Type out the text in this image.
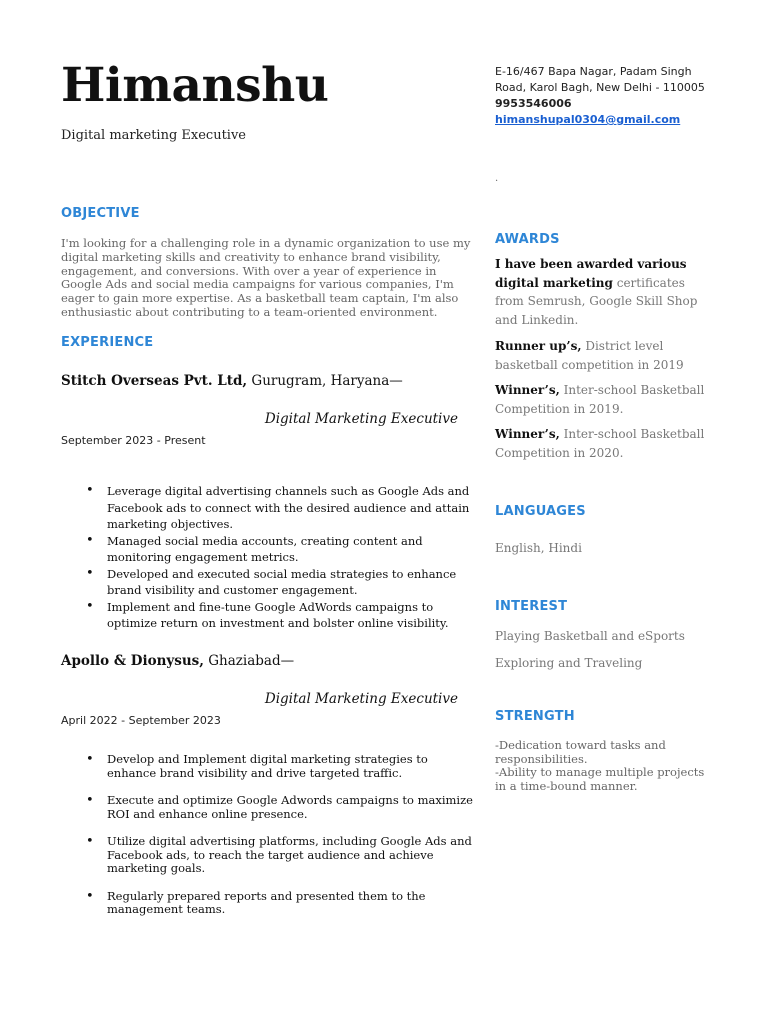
Himanshu
Digital marketing Executive
E-16/467 Bapa Nagar, Padam Singh
Road, Karol Bagh, New Delhi - 110005
9953546006
himanshupal0304@gmail.com
.
OBJECTIVE
I'm looking for a challenging role in a dynamic organization to use my digital marketing skills and creativity to enhance brand visibility, engagement, and conversions. With over a year of experience in Google Ads and social media campaigns for various companies, I'm eager to gain more expertise. As a basketball team captain, I'm also enthusiastic about contributing to a team-oriented environment.
EXPERIENCE
Stitch Overseas Pvt. Ltd, Gurugram, Haryana—
Digital Marketing Executive
September 2023 - Present
• Leverage digital advertising channels such as Google Ads and Facebook ads to connect with the desired audience and attain marketing objectives.
• Managed social media accounts, creating content and monitoring engagement metrics.
• Developed and executed social media strategies to enhance brand visibility and customer engagement.
• Implement and fine-tune Google AdWords campaigns to optimize return on investment and bolster online visibility.
Apollo & Dionysus, Ghaziabad—
Digital Marketing Executive
April 2022 - September 2023
• Develop and Implement digital marketing strategies to enhance brand visibility and drive targeted traffic.
• Execute and optimize Google Adwords campaigns to maximize ROI and enhance online presence.
• Utilize digital advertising platforms, including Google Ads and Facebook ads, to reach the target audience and achieve marketing goals.
• Regularly prepared reports and presented them to the management teams.
AWARDS
I have been awarded various digital marketing certificates from Semrush, Google Skill Shop and Linkedin.
Runner up’s, District level basketball competition in 2019
Winner’s, Inter-school Basketball Competition in 2019.
Winner’s, Inter-school Basketball Competition in 2020.
LANGUAGES
English, Hindi
INTEREST
Playing Basketball and eSports
Exploring and Traveling
STRENGTH
-Dedication toward tasks and responsibilities.
-Ability to manage multiple projects in a time-bound manner.
